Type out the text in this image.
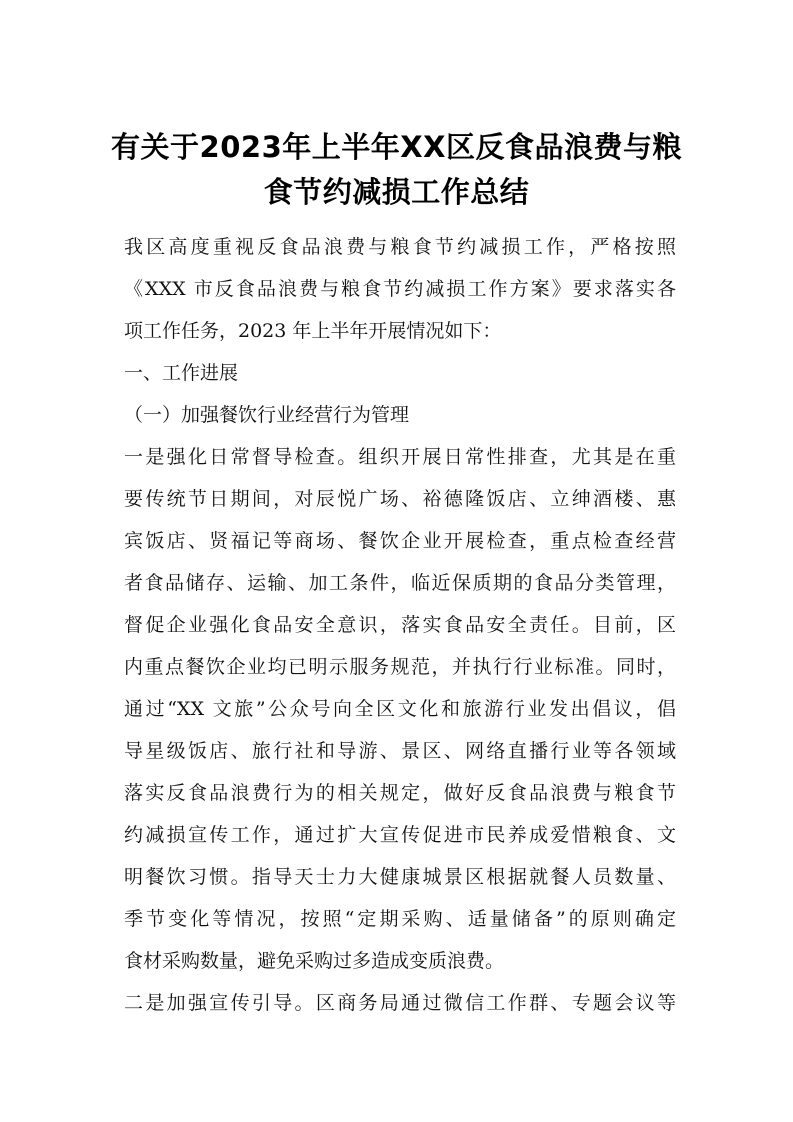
有关于2023年上半年XX区反食品浪费与粮
食节约减损工作总结
我区高度重视反食品浪费与粮食节约减损工作，严格按照
《XXX 市反食品浪费与粮食节约减损工作方案》要求落实各
项工作任务，2023 年上半年开展情况如下：
一、工作进展
（一）加强餐饮行业经营行为管理
一是强化日常督导检查。组织开展日常性排查，尤其是在重
要传统节日期间，对辰悦广场、裕德隆饭店、立绅酒楼、惠
宾饭店、贤福记等商场、餐饮企业开展检查，重点检查经营
者食品储存、运输、加工条件，临近保质期的食品分类管理，
督促企业强化食品安全意识，落实食品安全责任。目前，区
内重点餐饮企业均已明示服务规范，并执行行业标准。同时，
通过“XX 文旅”公众号向全区文化和旅游行业发出倡议，倡
导星级饭店、旅行社和导游、景区、网络直播行业等各领域
落实反食品浪费行为的相关规定，做好反食品浪费与粮食节
约减损宣传工作，通过扩大宣传促进市民养成爱惜粮食、文
明餐饮习惯。指导天士力大健康城景区根据就餐人员数量、
季节变化等情况，按照“定期采购、适量储备”的原则确定
食材采购数量，避免采购过多造成变质浪费。
二是加强宣传引导。区商务局通过微信工作群、专题会议等
